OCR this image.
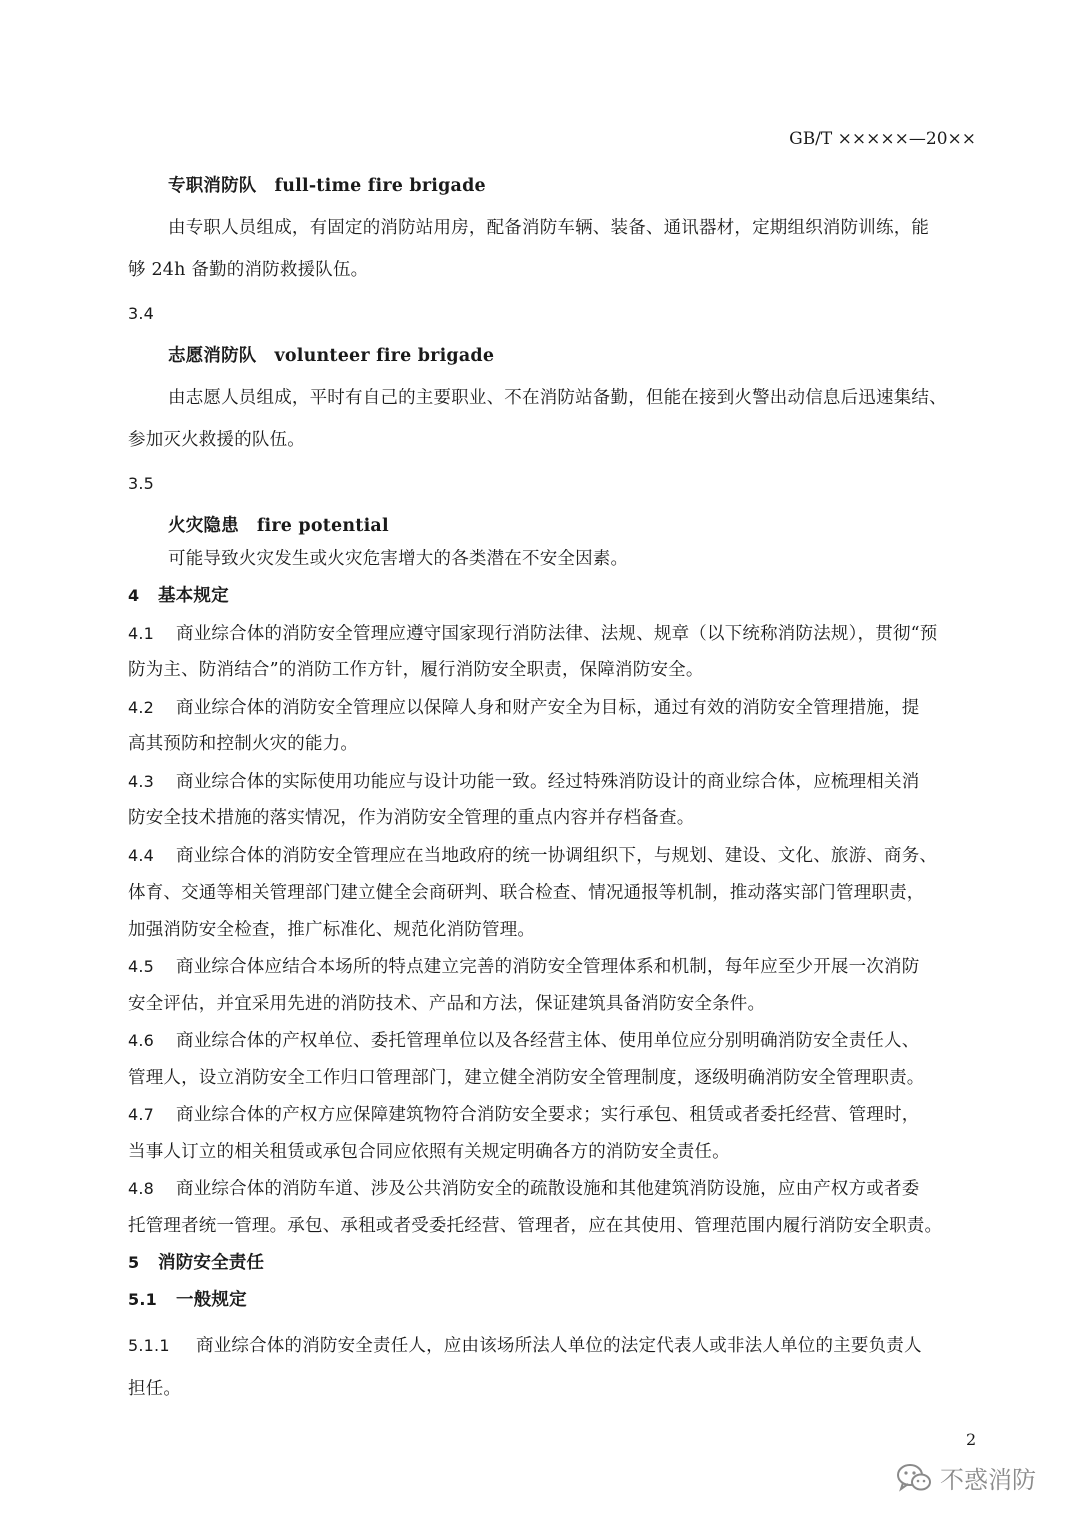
GB/T ×××××—20××
专职消防队 full-time fire brigade
由专职人员组成，有固定的消防站用房，配备消防车辆、装备、通讯器材，定期组织消防训练，能
够 24h 备勤的消防救援队伍。
3.4
志愿消防队 volunteer fire brigade
由志愿人员组成，平时有自己的主要职业、不在消防站备勤，但能在接到火警出动信息后迅速集结、
参加灭火救援的队伍。
3.5
火灾隐患 fire potential
可能导致火灾发生或火灾危害增大的各类潜在不安全因素。
4 基本规定
4.1 商业综合体的消防安全管理应遵守国家现行消防法律、法规、规章（以下统称消防法规），贯彻“预
防为主、防消结合”的消防工作方针，履行消防安全职责，保障消防安全。
4.2 商业综合体的消防安全管理应以保障人身和财产安全为目标，通过有效的消防安全管理措施，提
高其预防和控制火灾的能力。
4.3 商业综合体的实际使用功能应与设计功能一致。经过特殊消防设计的商业综合体，应梳理相关消
防安全技术措施的落实情况，作为消防安全管理的重点内容并存档备查。
4.4 商业综合体的消防安全管理应在当地政府的统一协调组织下，与规划、建设、文化、旅游、商务、
体育、交通等相关管理部门建立健全会商研判、联合检查、情况通报等机制，推动落实部门管理职责，
加强消防安全检查，推广标准化、规范化消防管理。
4.5 商业综合体应结合本场所的特点建立完善的消防安全管理体系和机制，每年应至少开展一次消防
安全评估，并宜采用先进的消防技术、产品和方法，保证建筑具备消防安全条件。
4.6 商业综合体的产权单位、委托管理单位以及各经营主体、使用单位应分别明确消防安全责任人、
管理人，设立消防安全工作归口管理部门，建立健全消防安全管理制度，逐级明确消防安全管理职责。
4.7 商业综合体的产权方应保障建筑物符合消防安全要求；实行承包、租赁或者委托经营、管理时，
当事人订立的相关租赁或承包合同应依照有关规定明确各方的消防安全责任。
4.8 商业综合体的消防车道、涉及公共消防安全的疏散设施和其他建筑消防设施，应由产权方或者委
托管理者统一管理。承包、承租或者受委托经营、管理者，应在其使用、管理范围内履行消防安全职责。
5 消防安全责任
5.1 一般规定
5.1.1 商业综合体的消防安全责任人，应由该场所法人单位的法定代表人或非法人单位的主要负责人
担任。
2
不惑消防
